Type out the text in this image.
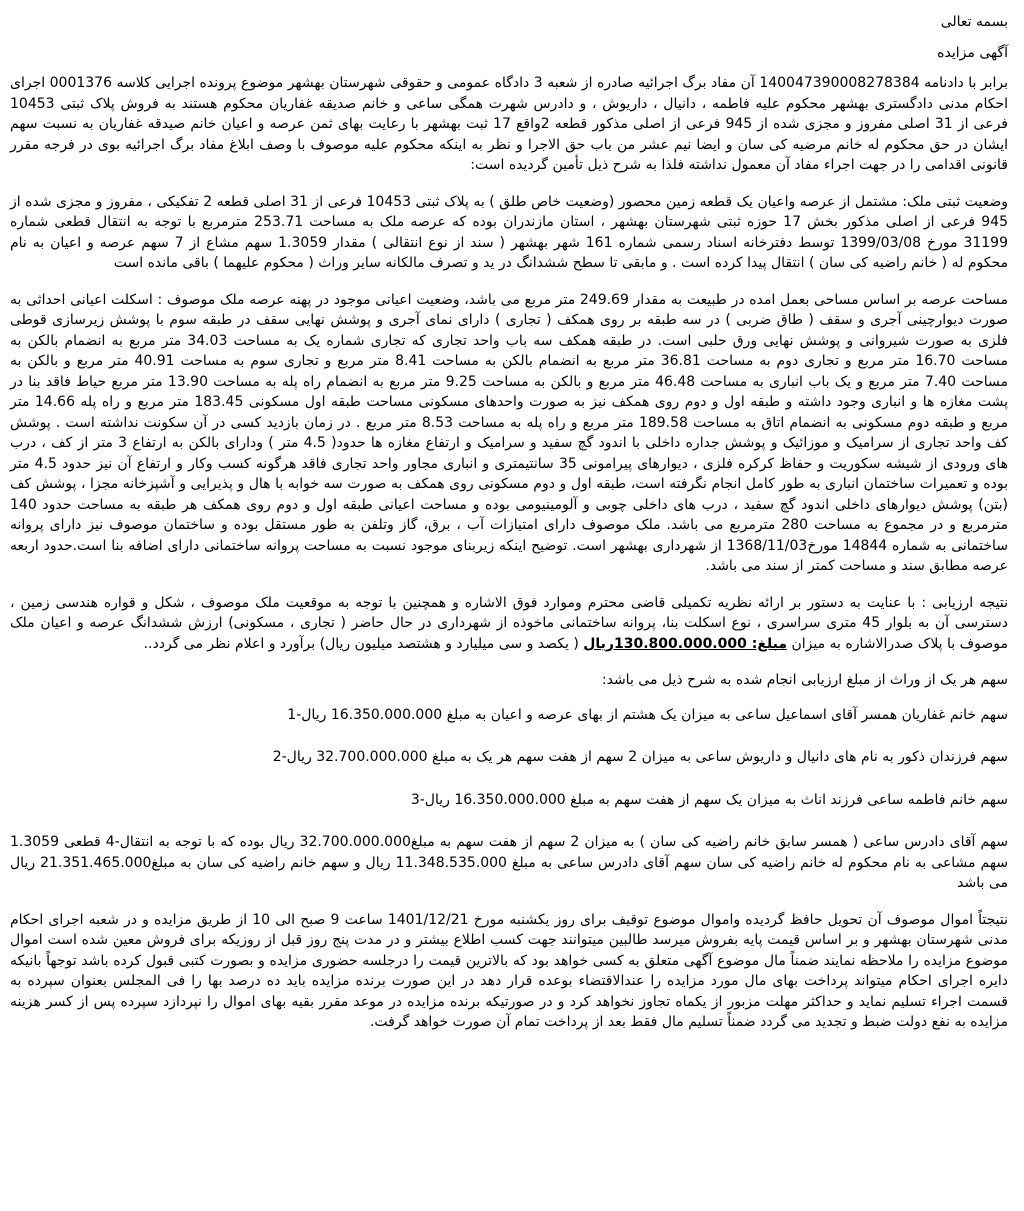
بسمه تعالی

آگهی مزایده

برابر با دادنامه 140047390008278384 آن مفاد برگ اجرائیه صادره از شعبه 3 دادگاه عمومی و حقوقی شهرستان بهشهر موضوع پرونده اجرایی کلاسه 0001376 اجرای احکام مدنی دادگستری بهشهر محکوم علیه فاطمه ، دانیال ، داریوش ، و دادرس شهرت همگی ساعی و خانم صدیقه غفاریان محکوم هستند به فروش پلاک ثبتی 10453 فرعی از 31 اصلی مفروز و مجزی شده از 945 فرعی از اصلی مذکور قطعه 2واقع 17 ثبت بهشهر با رعایت بهای ثمن عرصه و اعیان خانم صیدقه غفاریان به نسبت سهم ایشان در حق محکوم له خانم مرضیه کی سان و ایضا نیم عشر من باب حق الاجرا و نظر به اینکه محکوم علیه موصوف با وصف ابلاغ مفاد برگ اجرائیه بوی در فرجه مقرر قانونی اقدامی را در جهت اجراء مفاد آن معمول نداشته فلذا به شرح ذیل تأمین گردیده است:

وضعیت ثبتی ملک: مشتمل از عرصه واعیان یک قطعه زمین محصور (وضعیت خاص طلق ) به پلاک ثبتی 10453 فرعی از 31 اصلی قطعه 2 تفکیکی ، مفروز و مجزی شده از 945 فرعی از اصلی مذکور بخش 17 حوزه ثبتی شهرستان بهشهر ، استان مازندران بوده که عرصه ملک به مساحت 253.71 مترمربع با توجه به انتقال قطعی شماره 31199 مورخ 1399/03/08 توسط دفترخانه اسناد رسمی شماره 161 شهر بهشهر ( سند از نوع انتقالی ) مقدار 1.3059 سهم مشاع از 7 سهم عرصه و اعیان به نام محکوم له ( خانم راضیه کی سان ) انتقال پیدا کرده است . و مابقی تا سطح ششدانگ در ید و تصرف مالکانه سایر وراث ( محکوم علیهما ) باقی مانده است

مساحت عرصه بر اساس مساحی بعمل امده در طبیعت به مقدار 249.69 متر مربع می باشد، وضعیت اعیانی موجود در پهنه عرصه ملک موصوف : اسکلت اعیانی احداثی به صورت دیوارچینی آجری و سقف ( طاق ضربی ) در سه طبقه بر روی همکف ( تجاری ) دارای نمای آجری و پوشش نهایی سقف در طبقه سوم با پوشش زیرسازی قوطی فلزی به صورت شیروانی و پوشش نهایی ورق حلبی است. در طبقه همکف سه باب واحد تجاری که تجاری شماره یک به مساحت 34.03 متر مربع به انضمام بالکن به مساحت 16.70 متر مربع و تجاری دوم به مساحت 36.81 متر مربع به انضمام بالکن به مساحت 8.41 متر مربع و تجاری سوم به مساحت 40.91 متر مربع و بالکن به مساحت 7.40 متر مربع و یک باب انباری به مساحت 46.48 متر مربع و بالکن به مساحت 9.25 متر مربع به انضمام راه پله به مساحت 13.90 متر مربع حیاط فاقد بنا در پشت مغازه ها و انباری وجود داشته و طبقه اول و دوم روی همکف نیز به صورت واحدهای مسکونی مساحت طبقه اول مسکونی 183.45 متر مربع و راه پله 14.66 متر مربع و طبقه دوم مسکونی به انضمام اتاق به مساحت 189.58 متر مربع و راه پله به مساحت 8.53 متر مربع . در زمان بازدید کسی در آن سکونت نداشته است . پوشش کف واحد تجاری از سرامیک و موزائیک و پوشش جداره داخلی با اندود گچ سفید و سرامیک و ارتفاع مغازه ها حدود( 4.5 متر ) ودارای بالکن به ارتفاع 3 متر از کف ، درب های ورودی از شیشه سکوریت و حفاظ کرکره فلزی ، دیوارهای پیرامونی 35 سانتیمتری و انباری مجاور واحد تجاری فاقد هرگونه کسب وکار و ارتفاع آن نیز حدود 4.5 متر بوده و تعمیرات ساختمان انباری به طور کامل انجام نگرفته است، طبقه اول و دوم مسکونی روی همکف به صورت سه خوابه با هال و پذیرایی و آشپزخانه مجزا ، پوشش کف (بتن) پوشش دیوارهای داخلی اندود گچ سفید ، درب های داخلی چوبی و آلومینیومی بوده و مساحت اعیانی طبقه اول و دوم روی همکف هر طبقه به مساحت حدود 140 مترمربع و در مجموع به مساحت 280 مترمربع می باشد. ملک موصوف دارای امتیازات آب ، برق، گاز وتلفن به طور مستقل بوده و ساختمان موصوف نیز دارای پروانه ساختمانی به شماره 14844 مورخ1368/11/03 از شهرداری بهشهر است. توضیح اینکه زیربنای موجود نسبت به مساحت پروانه ساختمانی دارای اضافه بنا است.حدود اربعه عرصه مطابق سند و مساحت کمتر از سند می باشد.

نتیجه ارزیابی : با عنایت به دستور بر ارائه نظریه تکمیلی قاضی محترم وموارد فوق الاشاره و همچنین با توجه به موقعیت ملک موصوف ، شکل و قواره هندسی زمین ، دسترسی آن به بلوار 45 متری سراسری ، نوع اسکلت بنا، پروانه ساختمانی ماخوذه از شهرداری در حال حاضر ( تجاری ، مسکونی) ارزش ششدانگ عرصه و اعیان ملک موصوف با پلاک صدرالاشاره به میزان مبلغ: 130.800.000.000ریال ( یکصد و سی میلیارد و هشتصد میلیون ریال) برآورد و اعلام نظر می گردد..

سهم هر یک از وراث از مبلغ ارزیابی انجام شده به شرح ذیل می باشد:

سهم خانم غفاریان همسر آقای اسماعیل ساعی به میزان یک هشتم از بهای عرصه و اعیان به مبلغ 16.350.000.000 ریال-1

سهم فرزندان ذکور به نام های دانیال و داریوش ساعی به میزان 2 سهم از هفت سهم هر یک به مبلغ 32.700.000.000 ریال-2

سهم خانم فاطمه ساعی فرزند اناث به میزان یک سهم از هفت سهم به مبلغ 16.350.000.000 ریال-3

سهم آقای دادرس ساعی ( همسر سابق خانم راضیه کی سان ) به میزان 2 سهم از هفت سهم به مبلغ32.700.000.000 ریال بوده که با توجه به انتقال-4 قطعی 1.3059 سهم مشاعی به نام محکوم له خانم راضیه کی سان سهم آقای دادرس ساعی به مبلغ 11.348.535.000 ریال و سهم خانم راضیه کی سان به مبلغ21.351.465.000 ریال می باشد

نتیجتاً اموال موصوف آن تحویل حافظ گردیده واموال موضوع توقیف برای روز یکشنبه مورخ 1401/12/21 ساعت 9 صبح الی 10 از طریق مزایده و در شعبه اجرای احکام مدنی شهرستان بهشهر و بر اساس قیمت پایه بفروش میرسد طالبین میتوانند جهت کسب اطلاع بیشتر و در مدت پنج روز قبل از روزیکه برای فروش معین شده است اموال موضوع مزایده را ملاحظه نمایند ضمناً مال موضوع آگهی متعلق به کسی خواهد بود که بالاترین قیمت را درجلسه حضوری مزایده و بصورت کتبی قبول کرده باشد توجهاً بانیکه دایره اجرای احکام میتواند پرداخت بهای مال مورد مزایده را عندالاقتضاء بوعده قرار دهد در این صورت برنده مزایده باید ده درصد بها را فی المجلس بعنوان سپرده به قسمت اجراء تسلیم نماید و حداکثر مهلت مزبور از یکماه تجاوز نخواهد کرد و در صورتیکه برنده مزایده در موعد مقرر بقیه بهای اموال را نپردازد سپرده پس از کسر هزینه مزایده به نفع دولت ضبط و تجدید می گردد ضمناً تسلیم مال فقط بعد از پرداخت تمام آن صورت خواهد گرفت.
